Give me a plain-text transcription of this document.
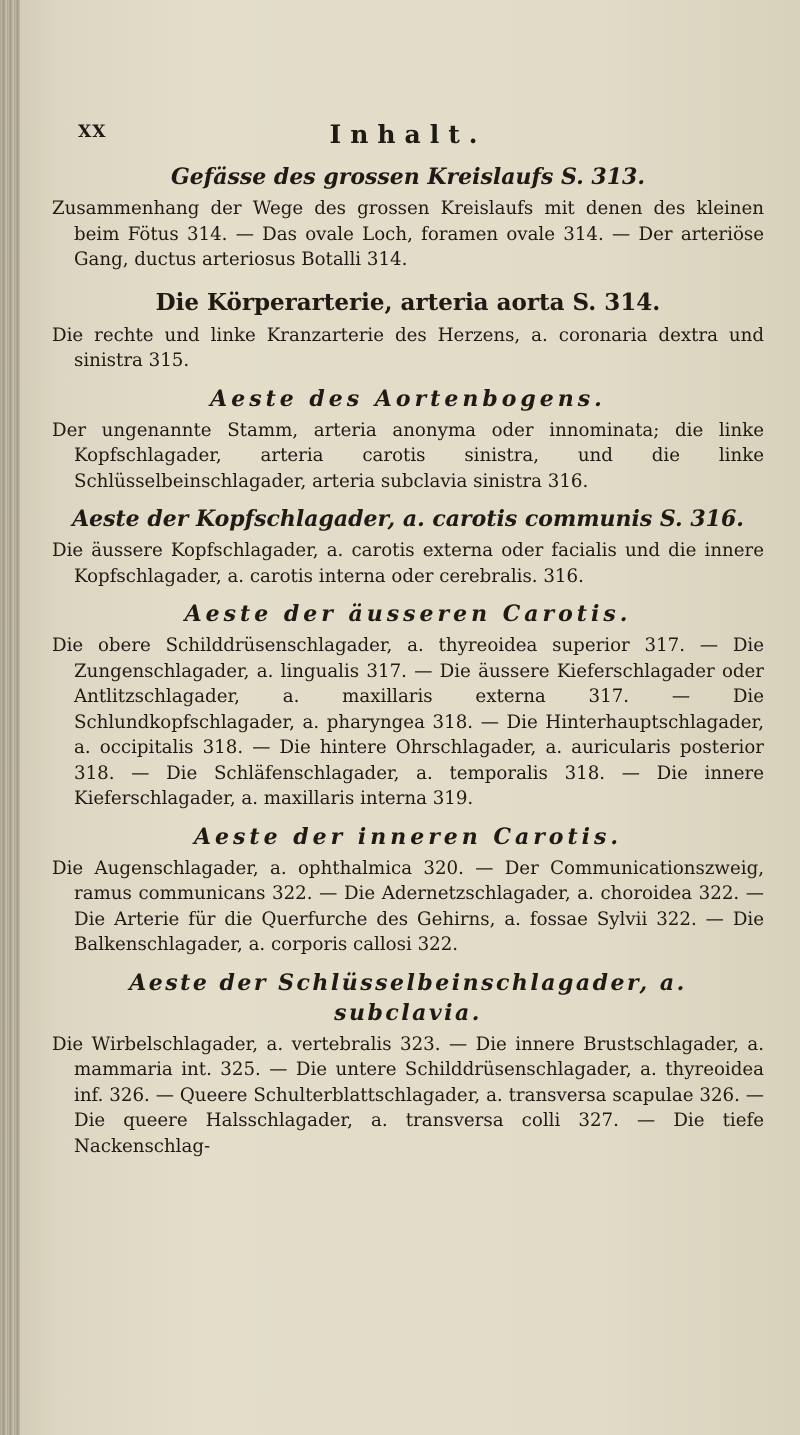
XX	Inhalt.
Gefässe des grossen Kreislaufs S. 313.

Zusammenhang der Wege des grossen Kreislaufs mit denen des kleinen beim Fötus 314. — Das ovale Loch, foramen ovale 314. — Der arteriöse Gang, ductus arteriosus Botalli 314.

Die Körperarterie, arteria aorta S. 314.

Die rechte und linke Kranzarterie des Herzens, a. coronaria dextra und sinistra 315.

Aeste des Aortenbogens.

Der ungenannte Stamm, arteria anonyma oder innominata; die linke Kopfschlagader, arteria carotis sinistra, und die linke Schlüsselbeinschlagader, arteria subclavia sinistra 316.

Aeste der Kopfschlagader, a. carotis communis S. 316.

Die äussere Kopfschlagader, a. carotis externa oder facialis und die innere Kopfschlagader, a. carotis interna oder cerebralis. 316.

Aeste der äusseren Carotis.

Die obere Schilddrüsenschlagader, a. thyreoidea superior 317. — Die Zungenschlagader, a. lingualis 317. — Die äussere Kieferschlagader oder Antlitzschlagader, a. maxillaris externa 317. — Die Schlundkopfschlagader, a. pharyngea 318. — Die Hinterhauptschlagader, a. occipitalis 318. — Die hintere Ohrschlagader, a. auricularis posterior 318. — Die Schläfenschlagader, a. temporalis 318. — Die innere Kieferschlagader, a. maxillaris interna 319.

Aeste der inneren Carotis.

Die Augenschlagader, a. ophthalmica 320. — Der Communicationszweig, ramus communicans 322. — Die Adernetzschlagader, a. choroidea 322. — Die Arterie für die Querfurche des Gehirns, a. fossae Sylvii 322. — Die Balkenschlagader, a. corporis callosi 322.

Aeste der Schlüsselbeinschlagader, a. subclavia.

Die Wirbelschlagader, a. vertebralis 323. — Die innere Brustschlagader, a. mammaria int. 325. — Die untere Schilddrüsenschlagader, a. thyreoidea inf. 326. — Queere Schulterblattschlagader, a. transversa scapulae 326. — Die queere Halsschlagader, a. transversa colli 327. — Die tiefe Nackenschlag-
